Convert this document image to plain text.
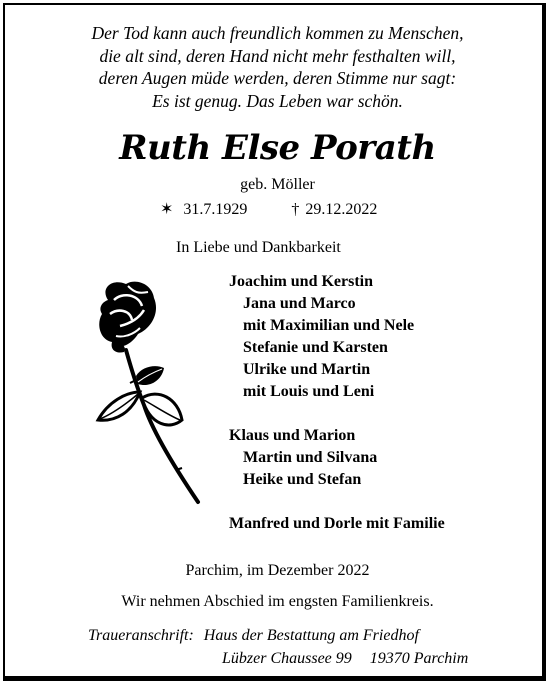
Der Tod kann auch freundlich kommen zu Menschen,
die alt sind, deren Hand nicht mehr festhalten will,
deren Augen müde werden, deren Stimme nur sagt:
Es ist genug. Das Leben war schön.
Ruth Else Porath
geb. Möller
✶ 31.7.1929	† 29.12.2022
In Liebe und Dankbarkeit
Joachim und Kerstin
Jana und Marco
mit Maximilian und Nele
Stefanie und Karsten
Ulrike und Martin
mit Louis und Leni
Klaus und Marion
Martin und Silvana
Heike und Stefan
Manfred und Dorle mit Familie
Parchim, im Dezember 2022
Wir nehmen Abschied im engsten Familienkreis.
Traueranschrift: Haus der Bestattung am Friedhof
Lübzer Chaussee 99 19370 Parchim
